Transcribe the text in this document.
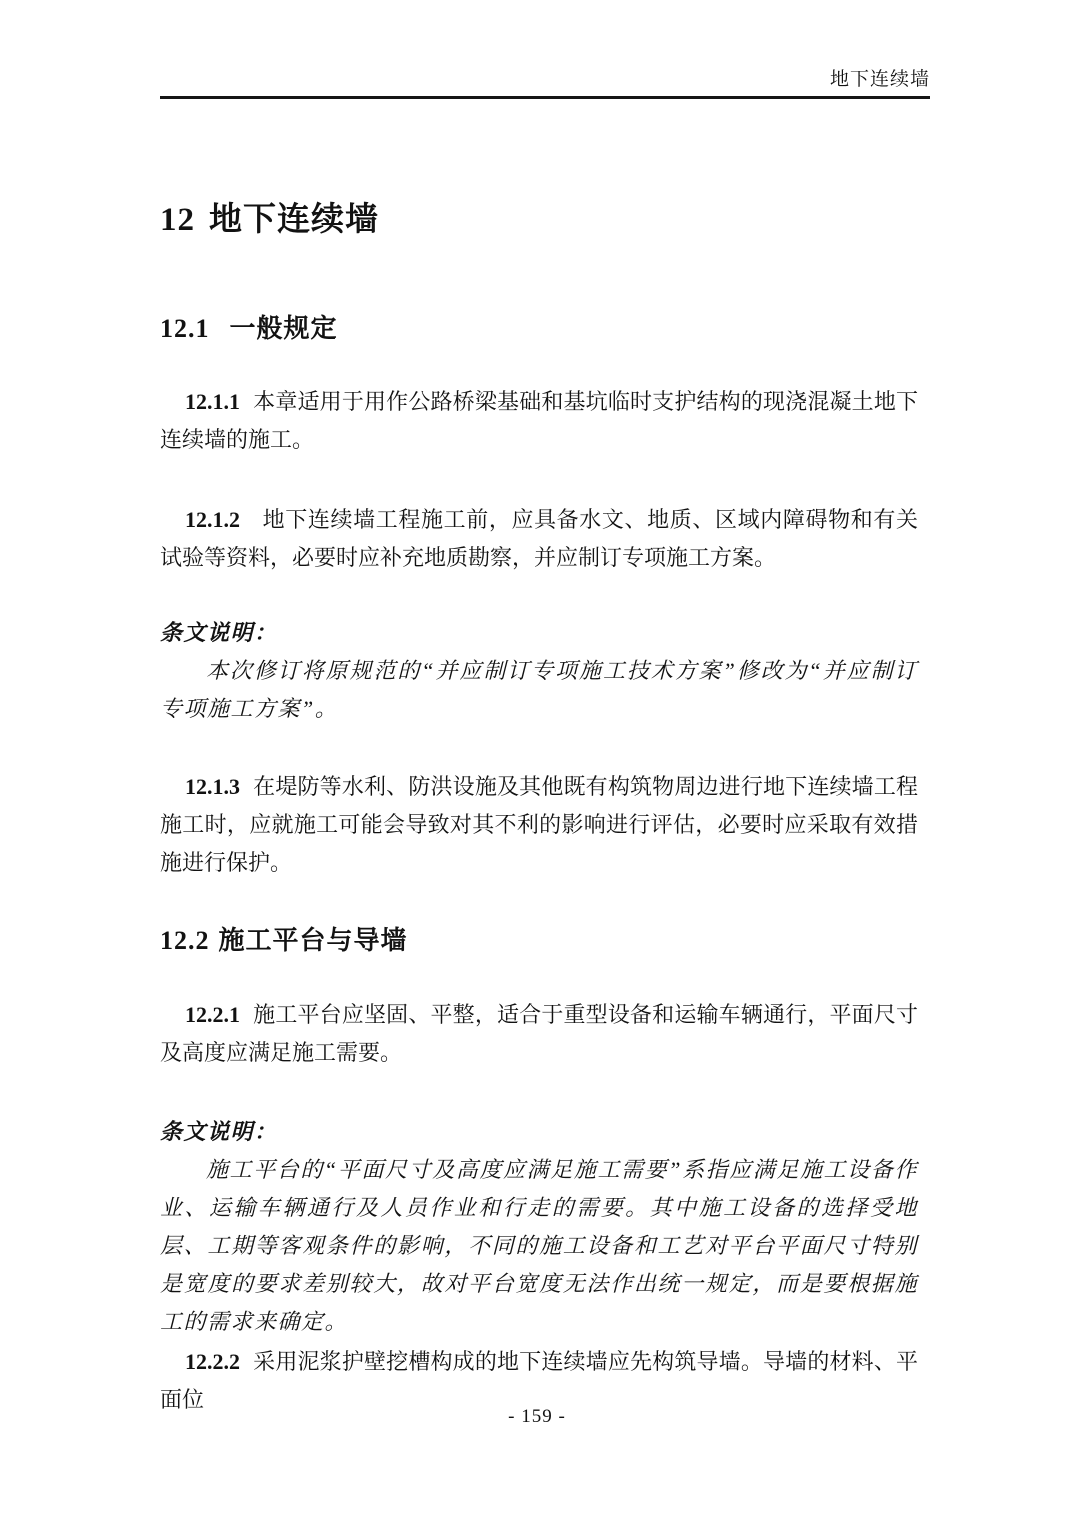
地下连续墙
12 地下连续墙
12.1 一般规定

12.1.1 本章适用于用作公路桥梁基础和基坑临时支护结构的现浇混凝土地下连续墙的施工。

12.1.2 地下连续墙工程施工前，应具备水文、地质、区域内障碍物和有关试验等资料，必要时应补充地质勘察，并应制订专项施工方案。

条文说明：

本次修订将原规范的“并应制订专项施工技术方案”修改为“并应制订专项施工方案”。

12.1.3 在堤防等水利、防洪设施及其他既有构筑物周边进行地下连续墙工程施工时，应就施工可能会导致对其不利的影响进行评估，必要时应采取有效措施进行保护。

12.2 施工平台与导墙

12.2.1 施工平台应坚固、平整，适合于重型设备和运输车辆通行，平面尺寸及高度应满足施工需要。

条文说明：

施工平台的“平面尺寸及高度应满足施工需要”系指应满足施工设备作业、运输车辆通行及人员作业和行走的需要。其中施工设备的选择受地层、工期等客观条件的影响，不同的施工设备和工艺对平台平面尺寸特别是宽度的要求差别较大，故对平台宽度无法作出统一规定，而是要根据施工的需求来确定。

12.2.2 采用泥浆护壁挖槽构成的地下连续墙应先构筑导墙。导墙的材料、平面位

- 159 -
